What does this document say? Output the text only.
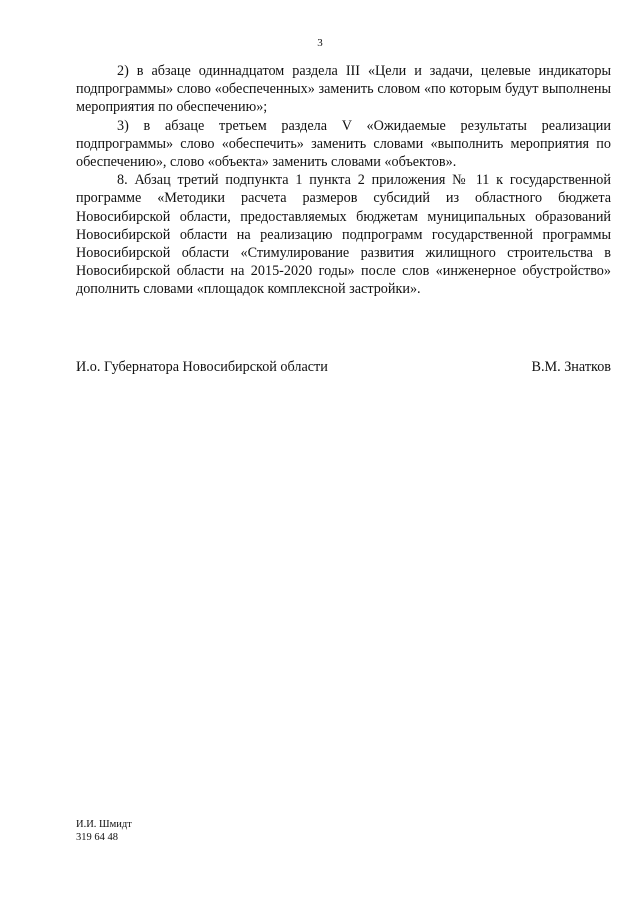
3

2) в абзаце одиннадцатом раздела III «Цели и задачи, целевые индикаторы подпрограммы» слово «обеспеченных» заменить словом «по которым будут выполнены мероприятия по обеспечению»;

3) в абзаце третьем раздела V «Ожидаемые результаты реализации подпрограммы» слово «обеспечить» заменить словами «выполнить мероприятия по обеспечению», слово «объекта» заменить словами «объектов».

8. Абзац третий подпункта 1 пункта 2 приложения № 11 к государственной программе «Методики расчета размеров субсидий из областного бюджета Новосибирской области, предоставляемых бюджетам муниципальных образований Новосибирской области на реализацию подпрограмм государственной программы Новосибирской области «Стимулирование развития жилищного строительства в Новосибирской области на 2015-2020 годы» после слов «инженерное обустройство» дополнить словами «площадок комплексной застройки».

И.о. Губернатора Новосибирской области	В.М. Знатков
И.И. Шмидт
319 64 48
